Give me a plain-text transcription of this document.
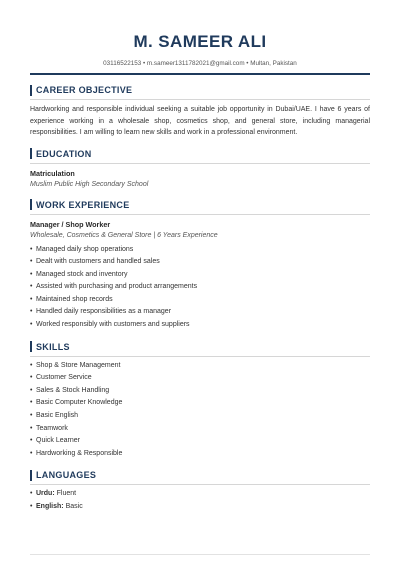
M. SAMEER ALI
03116522153 • m.sameer1311782021@gmail.com • Multan, Pakistan
CAREER OBJECTIVE
Hardworking and responsible individual seeking a suitable job opportunity in Dubai/UAE. I have 6 years of experience working in a wholesale shop, cosmetics shop, and general store, including managerial responsibilities. I am willing to learn new skills and work in a professional environment.
EDUCATION
Matriculation
Muslim Public High Secondary School
WORK EXPERIENCE
Manager / Shop Worker
Wholesale, Cosmetics & General Store | 6 Years Experience
• Managed daily shop operations
• Dealt with customers and handled sales
• Managed stock and inventory
• Assisted with purchasing and product arrangements
• Maintained shop records
• Handled daily responsibilities as a manager
• Worked responsibly with customers and suppliers
SKILLS
• Shop & Store Management
• Customer Service
• Sales & Stock Handling
• Basic Computer Knowledge
• Basic English
• Teamwork
• Quick Learner
• Hardworking & Responsible
LANGUAGES
• Urdu: Fluent
• English: Basic
